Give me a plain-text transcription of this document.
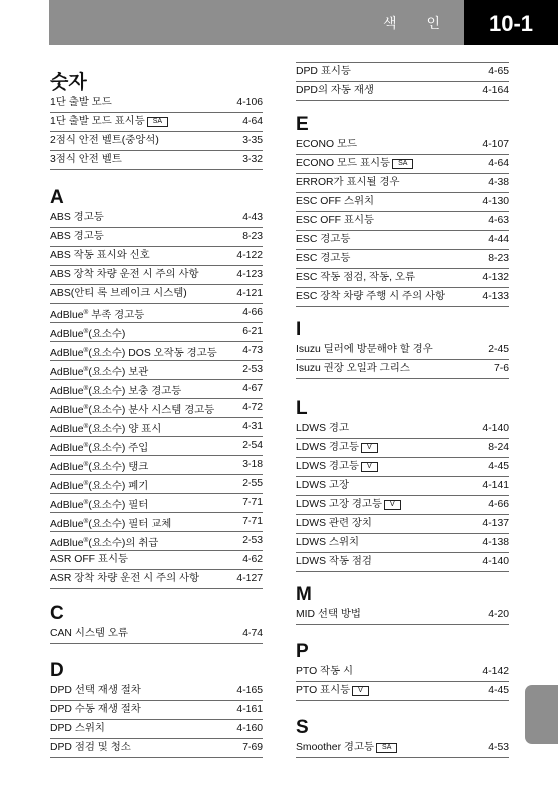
색 인	10-1
숫자
1단 출발 모드	4-106
1단 출발 모드 표시등 SA	4-64
2점식 안전 벨트(중앙석)	3-35
3점식 안전 벨트	3-32
A
ABS 경고등	4-43
ABS 경고등	8-23
ABS 작동 표시와 신호	4-122
ABS 장착 차량 운전 시 주의 사항	4-123
ABS(안티 록 브레이크 시스템)	4-121
AdBlue® 부족 경고등	4-66
AdBlue®(요소수)	6-21
AdBlue®(요소수) DOS 오작동 경고등 4-73
AdBlue®(요소수) 보관	2-53
AdBlue®(요소수) 보충 경고등	4-67
AdBlue®(요소수) 분사 시스템 경고등	4-72
AdBlue®(요소수) 양 표시	4-31
AdBlue®(요소수) 주입	2-54
AdBlue®(요소수) 탱크	3-18
AdBlue®(요소수) 폐기	2-55
AdBlue®(요소수) 필터	7-71
AdBlue®(요소수) 필터 교체	7-71
AdBlue®(요소수)의 취급	2-53
ASR OFF 표시등	4-62
ASR 장착 차량 운전 시 주의 사항	4-127
C
CAN 시스템 오류	4-74
D
DPD 선택 재생 절차	4-165
DPD 수동 재생 절차	4-161
DPD 스위치	4-160
DPD 점검 및 청소	7-69
DPD 표시등	4-65
DPD의 자동 재생	4-164
E
ECONO 모드	4-107
ECONO 모드 표시등 SA	4-64
ERROR가 표시될 경우	4-38
ESC OFF 스위치	4-130
ESC OFF 표시등	4-63
ESC 경고등	4-44
ESC 경고등	8-23
ESC 작동 점검, 작동, 오류	4-132
ESC 장착 차량 주행 시 주의 사항	4-133
I
Isuzu 딜러에 방문해야 할 경우	2-45
Isuzu 권장 오일과 그리스	7-6
L
LDWS 경고	4-140
LDWS 경고등 V	8-24
LDWS 경고등 V	4-45
LDWS 고장	4-141
LDWS 고장 경고등 V	4-66
LDWS 관련 장치	4-137
LDWS 스위치	4-138
LDWS 작동 점검	4-140
M
MID 선택 방법	4-20
P
PTO 작동 시	4-142
PTO 표시등 V	4-45
S
Smoother 경고등 SA	4-53
